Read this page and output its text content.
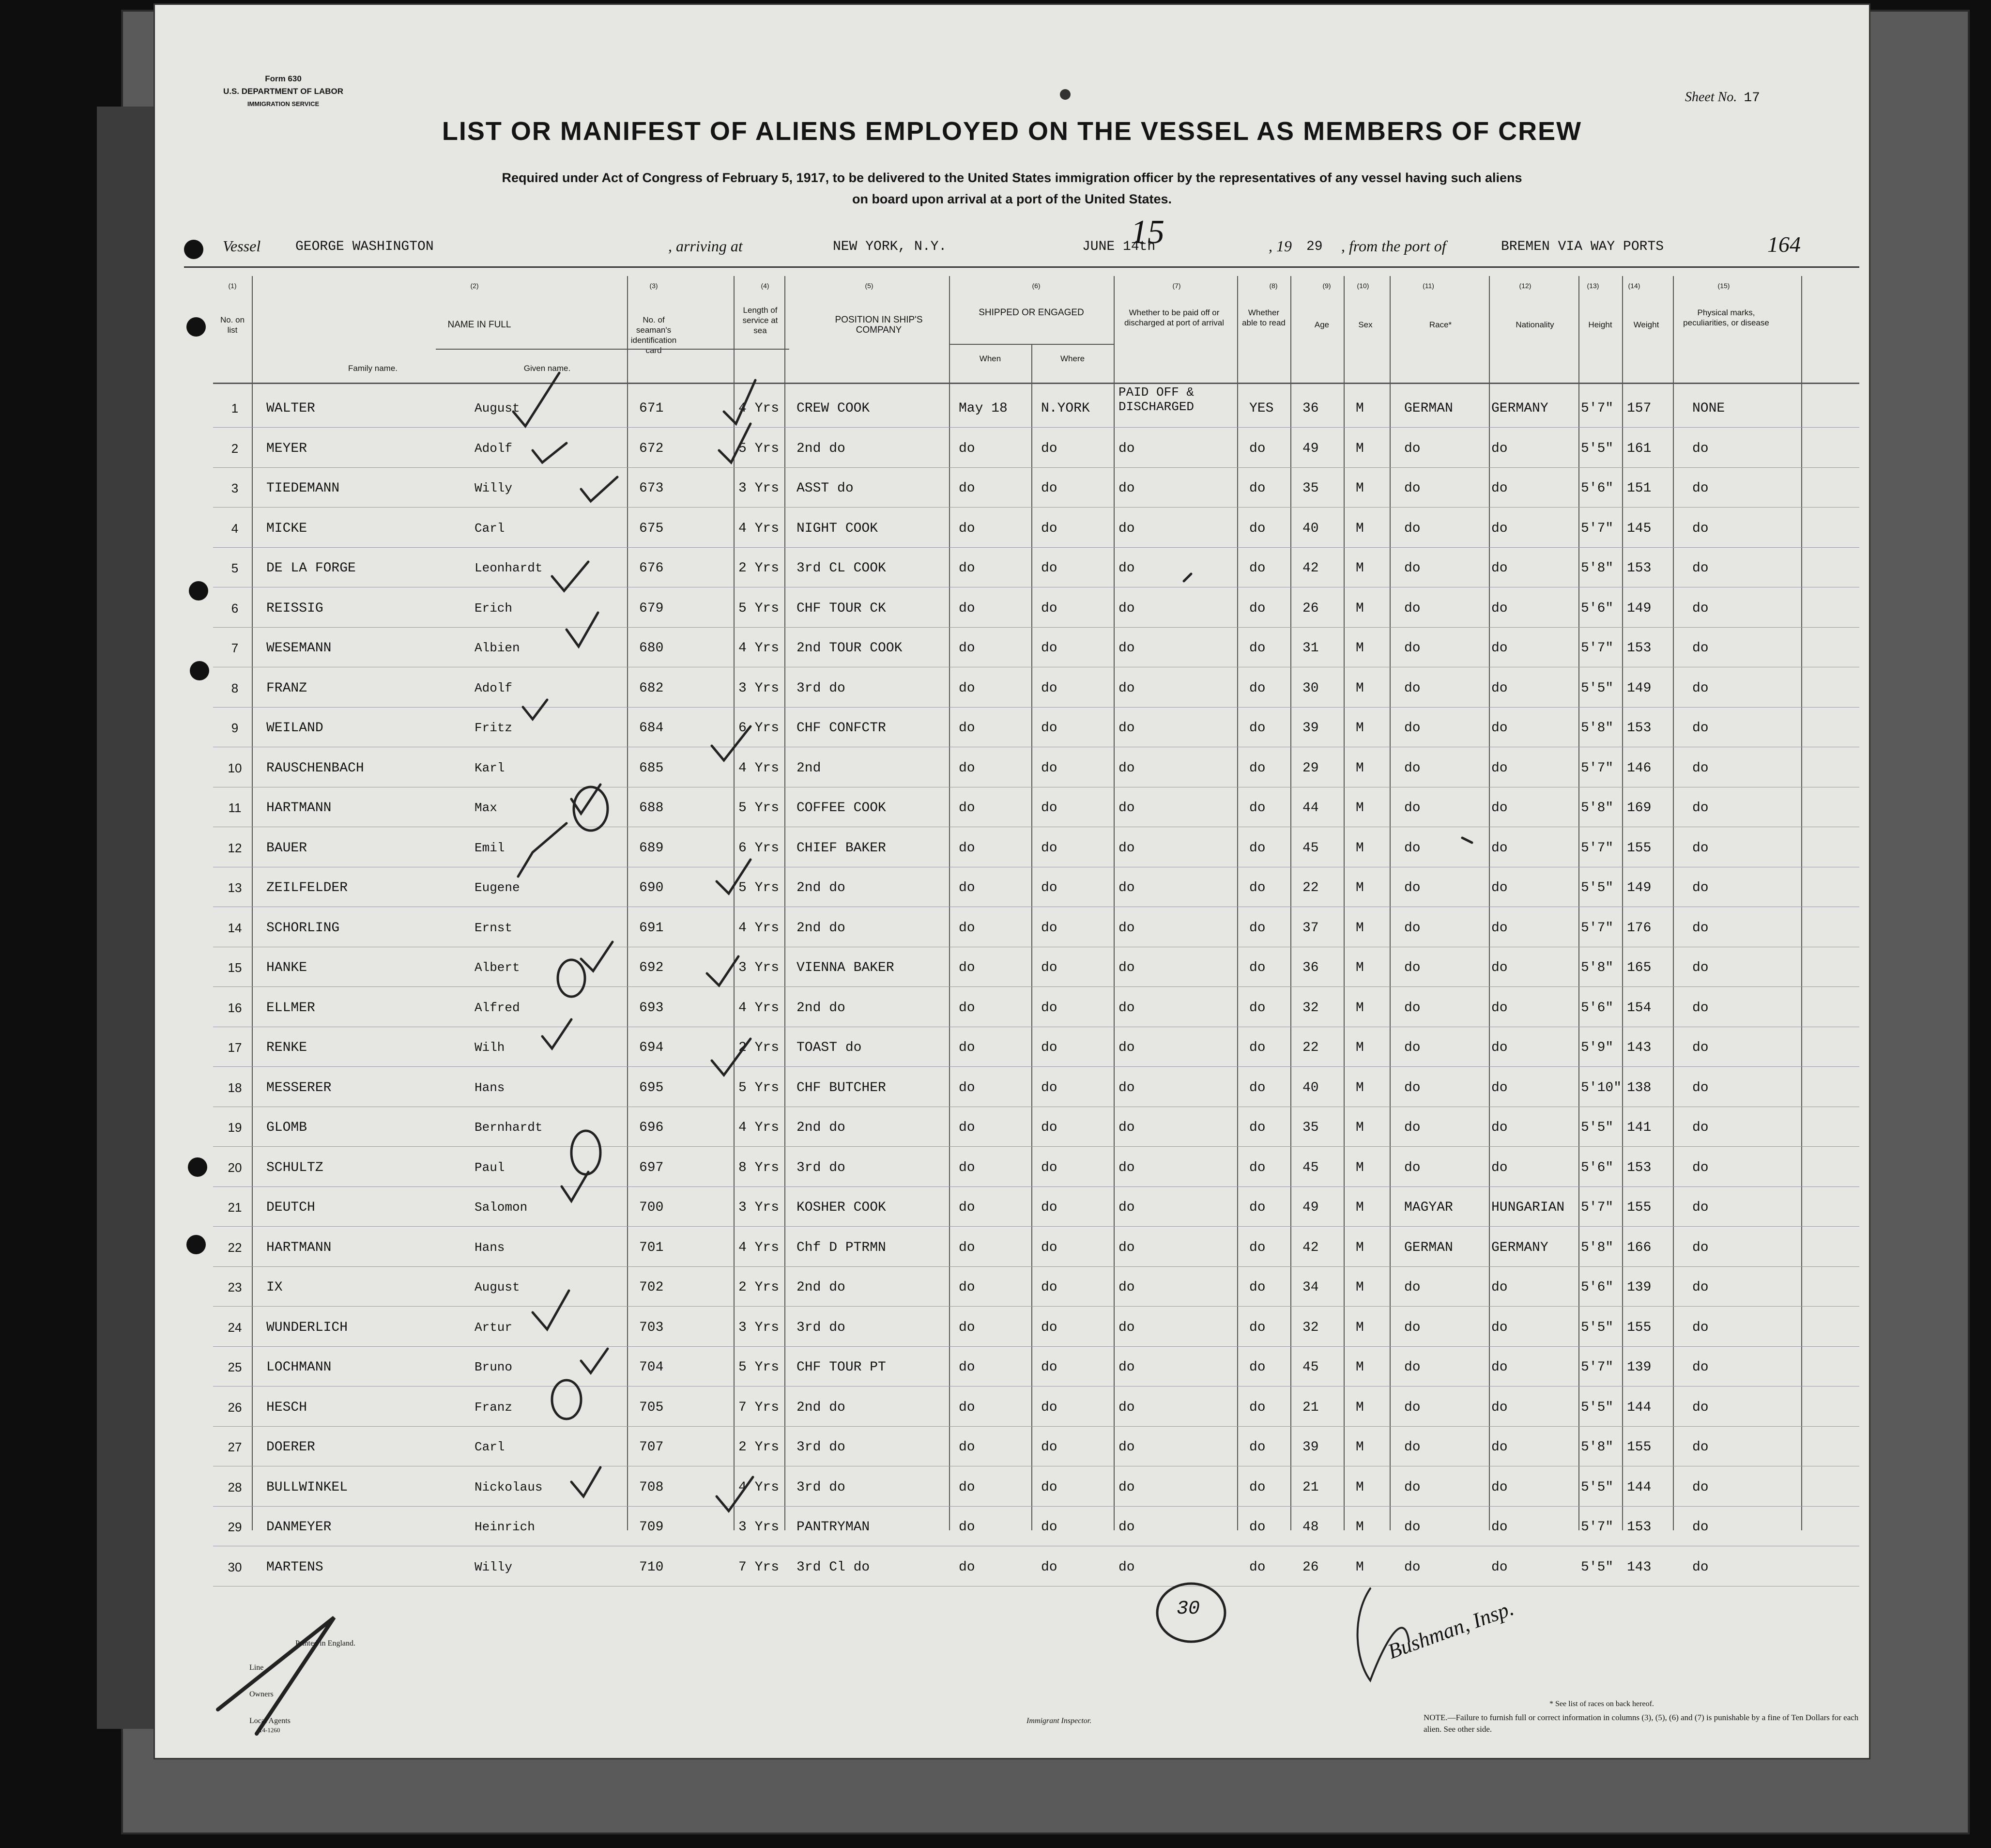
Form 630
U.S. DEPARTMENT OF LABOR
IMMIGRATION SERVICE	Sheet No. 17
LIST OR MANIFEST OF ALIENS EMPLOYED ON THE VESSEL AS MEMBERS OF CREW
Required under Act of Congress of February 5, 1917, to be delivered to the United States immigration officer by the representatives of any vessel having such aliens
on board upon arrival at a port of the United States.
Vessel	GEORGE WASHINGTON	, arriving at	NEW YORK, N.Y.	JUNE 14th
15	, 19 29 , from the port of	BREMEN VIA WAY PORTS	164
(1)	(2)	(3)	(4)	(5)	(6)	(7)	(8)	(9)	(10)	(11)	(12)	(13)	(14)	(15)
No. on list
NAME IN FULL
Family name.	Given name.
No. of seaman's identification card
Length of service at sea
POSITION IN SHIP'S COMPANY
SHIPPED OR ENGAGED
When	Where
Whether to be paid off or discharged at port of arrival
Whether able to read	Age	Sex	Race*	Nationality	Height	Weight
Physical marks, peculiarities, or disease
1	WALTER	August	671	4 Yrs CREW COOK	May 18 N.YORK
PAID OFF & DISCHARGED	YES 36	M	GERMAN	GERMANY 5'7" 157	NONE
2	MEYER	Adolf	672	5 Yrs 2nd do	do	do	do	do	49	M	do	do	5'5" 161	do
3	TIEDEMANN	Willy	673	3 Yrs ASST do	do	do	do	do	35	M	do	do	5'6" 151	do
4	MICKE	Carl	675	4 Yrs NIGHT COOK	do	do	do	do	40	M	do	do	5'7" 145	do
5	DE LA FORGE	Leonhardt	676	2 Yrs 3rd CL COOK	do	do	do	do	42	M	do	do	5'8" 153	do
6	REISSIG	Erich	679	5 Yrs CHF TOUR CK	do	do	do	do	26	M	do	do	5'6" 149	do
7	WESEMANN	Albien	680	4 Yrs 2nd TOUR COOK	do	do	do	do	31	M	do	do	5'7" 153	do
8	FRANZ	Adolf	682	3 Yrs 3rd do	do	do	do	do	30	M	do	do	5'5" 149	do
9	WEILAND	Fritz	684	6 Yrs CHF CONFCTR	do	do	do	do	39	M	do	do	5'8" 153	do
10	RAUSCHENBACH	Karl	685	4 Yrs 2nd	do	do	do	do	29	M	do	do	5'7" 146	do
11	HARTMANN	Max	688	5 Yrs COFFEE COOK	do	do	do	do	44	M	do	do	5'8" 169	do
12	BAUER	Emil	689	6 Yrs CHIEF BAKER	do	do	do	do	45	M	do	do	5'7" 155	do
13	ZEILFELDER	Eugene	690	5 Yrs 2nd do	do	do	do	do	22	M	do	do	5'5" 149	do
14	SCHORLING	Ernst	691	4 Yrs 2nd do	do	do	do	do	37	M	do	do	5'7" 176	do
15	HANKE	Albert	692	3 Yrs VIENNA BAKER	do	do	do	do	36	M	do	do	5'8" 165	do
16	ELLMER	Alfred	693	4 Yrs 2nd do	do	do	do	do	32	M	do	do	5'6" 154	do
17	RENKE	Wilh	694	2 Yrs TOAST do	do	do	do	do	22	M	do	do	5'9" 143	do
18	MESSERER	Hans	695	5 Yrs CHF BUTCHER	do	do	do	do	40	M	do	do	5'10" 138	do
19	GLOMB	Bernhardt	696	4 Yrs 2nd do	do	do	do	do	35	M	do	do	5'5" 141	do
20	SCHULTZ	Paul	697	8 Yrs 3rd do	do	do	do	do	45	M	do	do	5'6" 153	do
21	DEUTCH	Salomon	700	3 Yrs KOSHER COOK	do	do	do	do	49	M	MAGYAR	HUNGARIAN 5'7" 155	do
22	HARTMANN	Hans	701	4 Yrs Chf D PTRMN	do	do	do	do	42	M	GERMAN	GERMANY 5'8" 166	do
23	IX	August	702	2 Yrs 2nd do	do	do	do	do	34	M	do	do	5'6" 139	do
24	WUNDERLICH	Artur	703	3 Yrs 3rd do	do	do	do	do	32	M	do	do	5'5" 155	do
25	LOCHMANN	Bruno	704	5 Yrs CHF TOUR PT	do	do	do	do	45	M	do	do	5'7" 139	do
26	HESCH	Franz	705	7 Yrs 2nd do	do	do	do	do	21	M	do	do	5'5" 144	do
27	DOERER	Carl	707	2 Yrs 3rd do	do	do	do	do	39	M	do	do	5'8" 155	do
28	BULLWINKEL	Nickolaus	708	4 Yrs 3rd do	do	do	do	do	21	M	do	do	5'5" 144	do
29	DANMEYER	Heinrich	709	3 Yrs PANTRYMAN	do	do	do	do	48	M	do	do	5'7" 153	do
30	MARTENS	Willy	710	7 Yrs 3rd Cl do	do	do	do	do	26	M	do	do	5'5" 143	do
30	Bushman, Insp.
Printed in England.
Line
Owners
Local Agents
14-1260
Immigrant Inspector.
* See list of races on back hereof.
NOTE.—Failure to furnish full or correct information in columns (3), (5), (6) and (7) is punishable by a fine of Ten Dollars for each alien. See other side.
